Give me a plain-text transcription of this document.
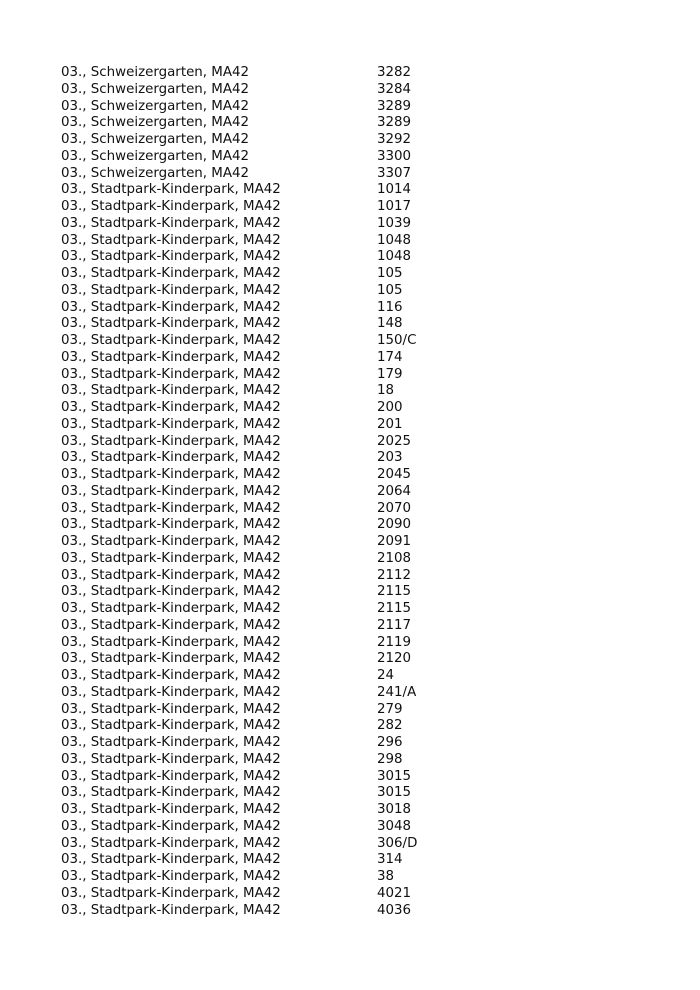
03., Schweizergarten, MA42	3282
03., Schweizergarten, MA42	3284
03., Schweizergarten, MA42	3289
03., Schweizergarten, MA42	3289
03., Schweizergarten, MA42	3292
03., Schweizergarten, MA42	3300
03., Schweizergarten, MA42	3307
03., Stadtpark-Kinderpark, MA42	1014
03., Stadtpark-Kinderpark, MA42	1017
03., Stadtpark-Kinderpark, MA42	1039
03., Stadtpark-Kinderpark, MA42	1048
03., Stadtpark-Kinderpark, MA42	1048
03., Stadtpark-Kinderpark, MA42	105
03., Stadtpark-Kinderpark, MA42	105
03., Stadtpark-Kinderpark, MA42	116
03., Stadtpark-Kinderpark, MA42	148
03., Stadtpark-Kinderpark, MA42	150/C
03., Stadtpark-Kinderpark, MA42	174
03., Stadtpark-Kinderpark, MA42	179
03., Stadtpark-Kinderpark, MA42	18
03., Stadtpark-Kinderpark, MA42	200
03., Stadtpark-Kinderpark, MA42	201
03., Stadtpark-Kinderpark, MA42	2025
03., Stadtpark-Kinderpark, MA42	203
03., Stadtpark-Kinderpark, MA42	2045
03., Stadtpark-Kinderpark, MA42	2064
03., Stadtpark-Kinderpark, MA42	2070
03., Stadtpark-Kinderpark, MA42	2090
03., Stadtpark-Kinderpark, MA42	2091
03., Stadtpark-Kinderpark, MA42	2108
03., Stadtpark-Kinderpark, MA42	2112
03., Stadtpark-Kinderpark, MA42	2115
03., Stadtpark-Kinderpark, MA42	2115
03., Stadtpark-Kinderpark, MA42	2117
03., Stadtpark-Kinderpark, MA42	2119
03., Stadtpark-Kinderpark, MA42	2120
03., Stadtpark-Kinderpark, MA42	24
03., Stadtpark-Kinderpark, MA42	241/A
03., Stadtpark-Kinderpark, MA42	279
03., Stadtpark-Kinderpark, MA42	282
03., Stadtpark-Kinderpark, MA42	296
03., Stadtpark-Kinderpark, MA42	298
03., Stadtpark-Kinderpark, MA42	3015
03., Stadtpark-Kinderpark, MA42	3015
03., Stadtpark-Kinderpark, MA42	3018
03., Stadtpark-Kinderpark, MA42	3048
03., Stadtpark-Kinderpark, MA42	306/D
03., Stadtpark-Kinderpark, MA42	314
03., Stadtpark-Kinderpark, MA42	38
03., Stadtpark-Kinderpark, MA42	4021
03., Stadtpark-Kinderpark, MA42	4036
